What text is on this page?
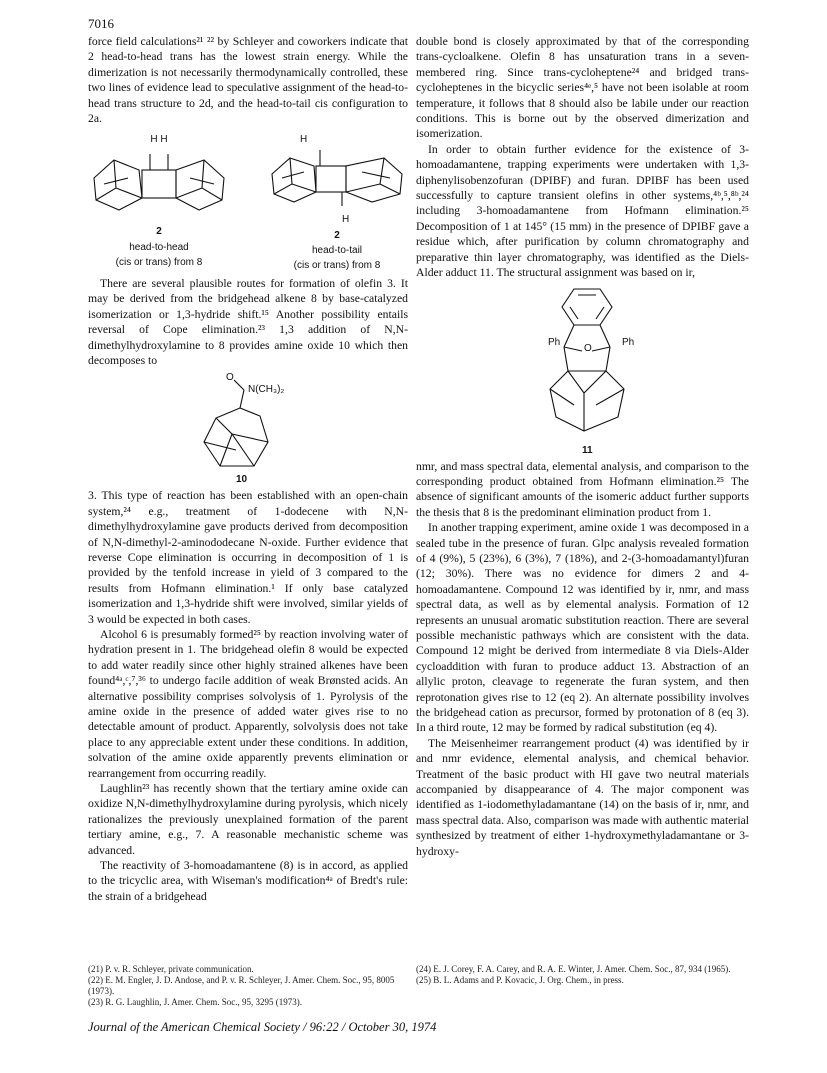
7016

force field calculations²¹ ²² by Schleyer and coworkers indicate that 2 head-to-head trans has the lowest strain energy. While the dimerization is not necessarily thermodynamically controlled, these two lines of evidence lead to speculative assignment of the head-to-head trans structure to 2d, and the head-to-tail cis configuration to 2a.

H H
2
head-to-head
(cis or trans) from 8
H
H
2
head-to-tail
(cis or trans) from 8

There are several plausible routes for formation of olefin 3. It may be derived from the bridgehead alkene 8 by base-catalyzed isomerization or 1,3-hydride shift.¹⁵ Another possibility entails reversal of Cope elimination.²³ 1,3 addition of N,N-dimethylhydroxylamine to 8 provides amine oxide 10 which then decomposes to

O
N(CH₃)₂
10

3. This type of reaction has been established with an open-chain system,²⁴ e.g., treatment of 1-dodecene with N,N-dimethylhydroxylamine gave products derived from decomposition of N,N-dimethyl-2-aminododecane N-oxide. Further evidence that reverse Cope elimination is occurring in decomposition of 1 is provided by the tenfold increase in yield of 3 compared to the results from Hofmann elimination.¹ If only base catalyzed isomerization and 1,3-hydride shift were involved, similar yields of 3 would be expected in both cases.

Alcohol 6 is presumably formed²⁵ by reaction involving water of hydration present in 1. The bridgehead olefin 8 would be expected to add water readily since other highly strained alkenes have been found⁴ᵃ,ᶜ,⁷,³⁶ to undergo facile addition of weak Brønsted acids. An alternative possibility comprises solvolysis of 1. Pyrolysis of the amine oxide in the presence of added water gives rise to no detectable amount of product. Apparently, solvolysis does not take place to any appreciable extent under these conditions. In addition, solvation of the amine oxide apparently prevents elimination or rearrangement from occurring readily.

Laughlin²³ has recently shown that the tertiary amine oxide can oxidize N,N-dimethylhydroxylamine during pyrolysis, which nicely rationalizes the previously unexplained formation of the parent tertiary amine, e.g., 7. A reasonable mechanistic scheme was advanced.

The reactivity of 3-homoadamantene (8) is in accord, as applied to the tricyclic area, with Wiseman's modification⁴ᵃ of Bredt's rule: the strain of a bridgehead

double bond is closely approximated by that of the corresponding trans-cycloalkene. Olefin 8 has unsaturation trans in a seven-membered ring. Since trans-cycloheptene²⁴ and bridged trans-cycloheptenes in the bicyclic series⁴ᵉ,⁵ have not been isolable at room temperature, it follows that 8 should also be labile under our reaction conditions. This is borne out by the observed dimerization and isomerization.

In order to obtain further evidence for the existence of 3-homoadamantene, trapping experiments were undertaken with 1,3-diphenylisobenzofuran (DPIBF) and furan. DPIBF has been used successfully to capture transient olefins in other systems,⁴ᵇ,⁵,⁸ᵇ,²⁴ including 3-homoadamantene from Hofmann elimination.²⁵ Decomposition of 1 at 145° (15 mm) in the presence of DPIBF gave a residue which, after purification by column chromatography and preparative thin layer chromatography, was identified as the Diels-Alder adduct 11. The structural assignment was based on ir,

Ph
O
Ph
11

nmr, and mass spectral data, elemental analysis, and comparison to the corresponding product obtained from Hofmann elimination.²⁵ The absence of significant amounts of the isomeric adduct further supports the thesis that 8 is the predominant elimination product from 1.

In another trapping experiment, amine oxide 1 was decomposed in a sealed tube in the presence of furan. Glpc analysis revealed formation of 4 (9%), 5 (23%), 6 (3%), 7 (18%), and 2-(3-homoadamantyl)furan (12; 30%). There was no evidence for dimers 2 and 4-homoadamantene. Compound 12 was identified by ir, nmr, and mass spectral data, as well as by elemental analysis. Formation of 12 represents an unusual aromatic substitution reaction. There are several possible mechanistic pathways which are consistent with the data. Compound 12 might be derived from intermediate 8 via Diels-Alder cycloaddition with furan to produce adduct 13. Abstraction of an allylic proton, cleavage to regenerate the furan system, and then reprotonation gives rise to 12 (eq 2). An alternate possibility involves the bridgehead cation as precursor, formed by protonation of 8 (eq 3). In a third route, 12 may be formed by radical substitution (eq 4).

The Meisenheimer rearrangement product (4) was identified by ir and nmr evidence, elemental analysis, and chemical behavior. Treatment of the basic product with HI gave two neutral materials accompanied by disappearance of 4. The major component was identified as 1-iodomethyladamantane (14) on the basis of ir, nmr, and mass spectral data. Also, comparison was made with authentic material synthesized by treatment of either 1-hydroxymethyladamantane or 3-hydroxy-

(21) P. v. R. Schleyer, private communication.
(22) E. M. Engler, J. D. Andose, and P. v. R. Schleyer, J. Amer. Chem. Soc., 95, 8005 (1973).
(23) R. G. Laughlin, J. Amer. Chem. Soc., 95, 3295 (1973).
(24) E. J. Corey, F. A. Carey, and R. A. E. Winter, J. Amer. Chem. Soc., 87, 934 (1965).
(25) B. L. Adams and P. Kovacic, J. Org. Chem., in press.
Journal of the American Chemical Society / 96:22 / October 30, 1974
